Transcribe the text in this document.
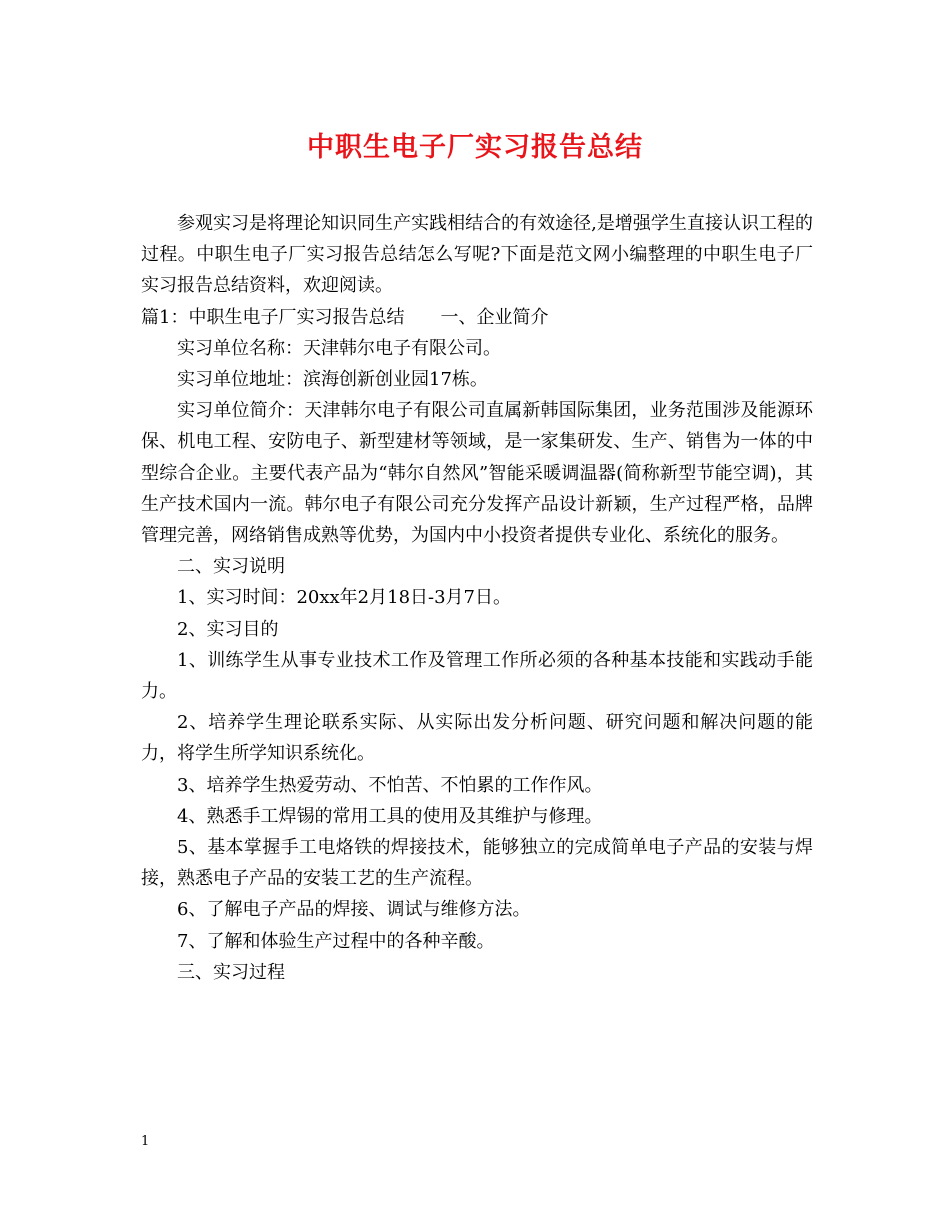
中职生电子厂实习报告总结

参观实习是将理论知识同生产实践相结合的有效途径,是增强学生直接认识工程的过程。中职生电子厂实习报告总结怎么写呢?下面是范文网小编整理的中职生电子厂实习报告总结资料，欢迎阅读。

篇1：中职生电子厂实习报告总结　　一、企业简介

实习单位名称：天津韩尔电子有限公司。

实习单位地址：滨海创新创业园17栋。

实习单位简介：天津韩尔电子有限公司直属新韩国际集团，业务范围涉及能源环保、机电工程、安防电子、新型建材等领域，是一家集研发、生产、销售为一体的中型综合企业。主要代表产品为“韩尔自然风”智能采暖调温器(简称新型节能空调)，其生产技术国内一流。韩尔电子有限公司充分发挥产品设计新颖，生产过程严格，品牌管理完善，网络销售成熟等优势，为国内中小投资者提供专业化、系统化的服务。

二、实习说明

1、实习时间：20xx年2月18日-3月7日。

2、实习目的

1、训练学生从事专业技术工作及管理工作所必须的各种基本技能和实践动手能力。

2、培养学生理论联系实际、从实际出发分析问题、研究问题和解决问题的能力，将学生所学知识系统化。

3、培养学生热爱劳动、不怕苦、不怕累的工作作风。

4、熟悉手工焊锡的常用工具的使用及其维护与修理。

5、基本掌握手工电烙铁的焊接技术，能够独立的完成简单电子产品的安装与焊接，熟悉电子产品的安装工艺的生产流程。

6、了解电子产品的焊接、调试与维修方法。

7、了解和体验生产过程中的各种辛酸。

三、实习过程

1
